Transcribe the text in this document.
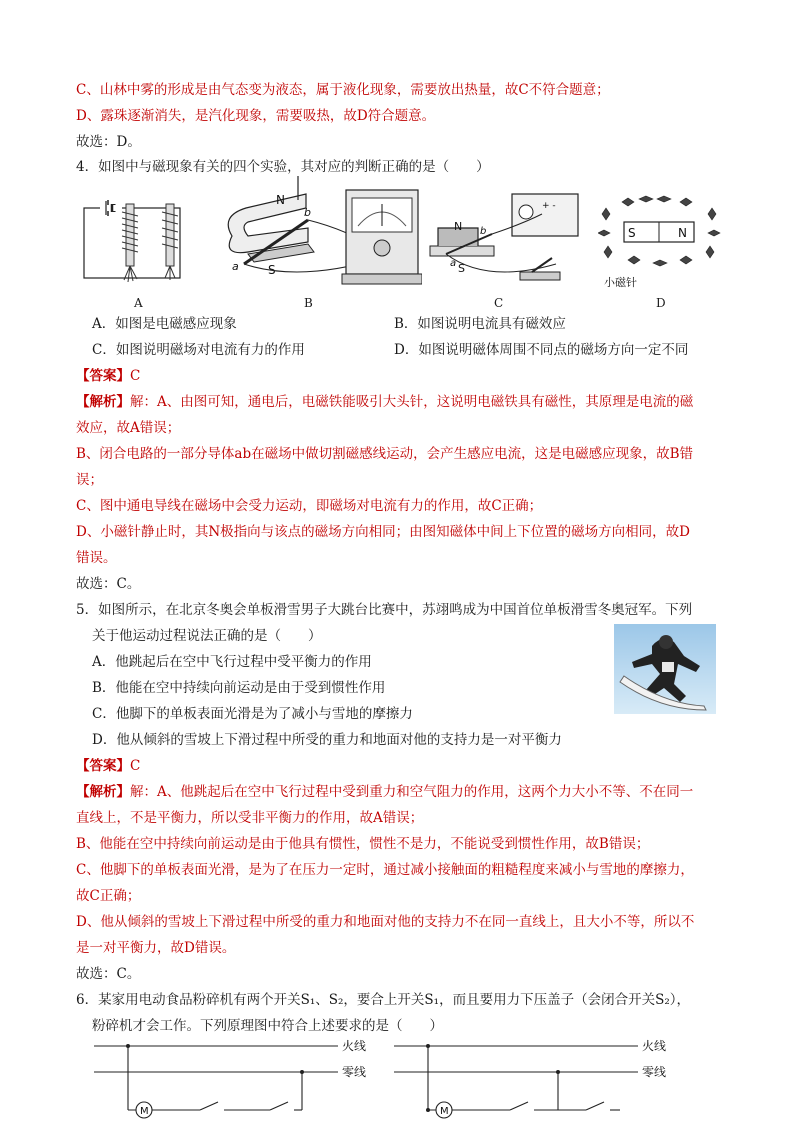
C、山林中雾的形成是由气态变为液态，属于液化现象，需要放出热量，故C不符合题意；
D、露珠逐渐消失，是汽化现象，需要吸热，故D符合题意。
故选：D。
4．如图中与磁现象有关的四个实验，其对应的判断正确的是（　　）
A
N
S
a
b
B
N
S
b
a
+ -
C
S	N
小磁针
D
A．如图是电磁感应现象	B．如图说明电流具有磁效应
C．如图说明磁场对电流有力的作用	D．如图说明磁体周围不同点的磁场方向一定不同
【答案】C
【解析】解：A、由图可知，通电后，电磁铁能吸引大头针，这说明电磁铁具有磁性，其原理是电流的磁
效应，故A错误；
B、闭合电路的一部分导体ab在磁场中做切割磁感线运动，会产生感应电流，这是电磁感应现象，故B错
误；
C、图中通电导线在磁场中会受力运动，即磁场对电流有力的作用，故C正确；
D、小磁针静止时，其N极指向与该点的磁场方向相同；由图知磁体中间上下位置的磁场方向相同，故D
错误。
故选：C。
5．如图所示，在北京冬奥会单板滑雪男子大跳台比赛中，苏翊鸣成为中国首位单板滑雪冬奥冠军。下列
关于他运动过程说法正确的是（　　）
A．他跳起后在空中飞行过程中受平衡力的作用
B．他能在空中持续向前运动是由于受到惯性作用
C．他脚下的单板表面光滑是为了减小与雪地的摩擦力
D．他从倾斜的雪坡上下滑过程中所受的重力和地面对他的支持力是一对平衡力
【答案】C
【解析】解：A、他跳起后在空中飞行过程中受到重力和空气阻力的作用，这两个力大小不等、不在同一
直线上，不是平衡力，所以受非平衡力的作用，故A错误；
B、他能在空中持续向前运动是由于他具有惯性，惯性不是力，不能说受到惯性作用，故B错误；
C、他脚下的单板表面光滑，是为了在压力一定时，通过减小接触面的粗糙程度来减小与雪地的摩擦力，
故C正确；
D、他从倾斜的雪坡上下滑过程中所受的重力和地面对他的支持力不在同一直线上，且大小不等，所以不
是一对平衡力，故D错误。
故选：C。
6．某家用电动食品粉碎机有两个开关S₁、S₂，要合上开关S₁，而且要用力下压盖子（会闭合开关S₂），
粉碎机才会工作。下列原理图中符合上述要求的是（　　）
M	M
火线
零线
火线
零线
